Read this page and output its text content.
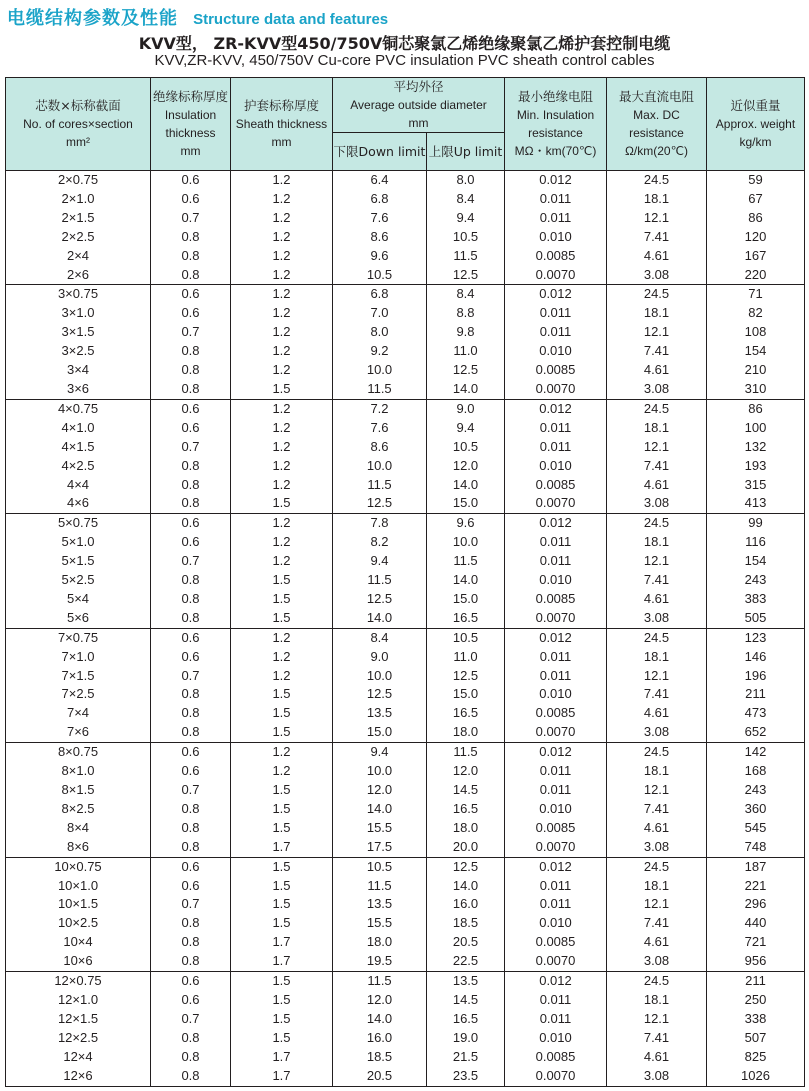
电缆结构参数及性能 Structure data and features
KVV型， ZR-KVV型450/750V铜芯聚氯乙烯绝缘聚氯乙烯护套控制电缆
KVV,ZR-KVV, 450/750V Cu-core PVC insulation PVC sheath control cables
芯数×标称截面
No. of cores×section
mm²	绝缘标称厚度
Insulation
thickness
mm	护套标称厚度
Sheath thickness
mm	平均外径
Average outside diameter
mm		最小绝缘电阻
Min. Insulation
resistance
MΩ・km(70℃)	最大直流电阻
Max. DC
resistance
Ω/km(20℃)	近似重量
Approx. weight
kg/km

			下限Down limit	上限Up limit			

2×0.75	0.6	1.2	6.4	8.0	0.012	24.5	59
2×1.0	0.6	1.2	6.8	8.4	0.011	18.1	67
2×1.5	0.7	1.2	7.6	9.4	0.011	12.1	86
2×2.5	0.8	1.2	8.6	10.5	0.010	7.41	120
2×4	0.8	1.2	9.6	11.5	0.0085	4.61	167
2×6	0.8	1.2	10.5	12.5	0.0070	3.08	220
3×0.75	0.6	1.2	6.8	8.4	0.012	24.5	71
3×1.0	0.6	1.2	7.0	8.8	0.011	18.1	82
3×1.5	0.7	1.2	8.0	9.8	0.011	12.1	108
3×2.5	0.8	1.2	9.2	11.0	0.010	7.41	154
3×4	0.8	1.2	10.0	12.5	0.0085	4.61	210
3×6	0.8	1.5	11.5	14.0	0.0070	3.08	310
4×0.75	0.6	1.2	7.2	9.0	0.012	24.5	86
4×1.0	0.6	1.2	7.6	9.4	0.011	18.1	100
4×1.5	0.7	1.2	8.6	10.5	0.011	12.1	132
4×2.5	0.8	1.2	10.0	12.0	0.010	7.41	193
4×4	0.8	1.2	11.5	14.0	0.0085	4.61	315
4×6	0.8	1.5	12.5	15.0	0.0070	3.08	413
5×0.75	0.6	1.2	7.8	9.6	0.012	24.5	99
5×1.0	0.6	1.2	8.2	10.0	0.011	18.1	116
5×1.5	0.7	1.2	9.4	11.5	0.011	12.1	154
5×2.5	0.8	1.5	11.5	14.0	0.010	7.41	243
5×4	0.8	1.5	12.5	15.0	0.0085	4.61	383
5×6	0.8	1.5	14.0	16.5	0.0070	3.08	505
7×0.75	0.6	1.2	8.4	10.5	0.012	24.5	123
7×1.0	0.6	1.2	9.0	11.0	0.011	18.1	146
7×1.5	0.7	1.2	10.0	12.5	0.011	12.1	196
7×2.5	0.8	1.5	12.5	15.0	0.010	7.41	211
7×4	0.8	1.5	13.5	16.5	0.0085	4.61	473
7×6	0.8	1.5	15.0	18.0	0.0070	3.08	652
8×0.75	0.6	1.2	9.4	11.5	0.012	24.5	142
8×1.0	0.6	1.2	10.0	12.0	0.011	18.1	168
8×1.5	0.7	1.5	12.0	14.5	0.011	12.1	243
8×2.5	0.8	1.5	14.0	16.5	0.010	7.41	360
8×4	0.8	1.5	15.5	18.0	0.0085	4.61	545
8×6	0.8	1.7	17.5	20.0	0.0070	3.08	748
10×0.75	0.6	1.5	10.5	12.5	0.012	24.5	187
10×1.0	0.6	1.5	11.5	14.0	0.011	18.1	221
10×1.5	0.7	1.5	13.5	16.0	0.011	12.1	296
10×2.5	0.8	1.5	15.5	18.5	0.010	7.41	440
10×4	0.8	1.7	18.0	20.5	0.0085	4.61	721
10×6	0.8	1.7	19.5	22.5	0.0070	3.08	956
12×0.75	0.6	1.5	11.5	13.5	0.012	24.5	211
12×1.0	0.6	1.5	12.0	14.5	0.011	18.1	250
12×1.5	0.7	1.5	14.0	16.5	0.011	12.1	338
12×2.5	0.8	1.5	16.0	19.0	0.010	7.41	507
12×4	0.8	1.7	18.5	21.5	0.0085	4.61	825
12×6	0.8	1.7	20.5	23.5	0.0070	3.08	1026
